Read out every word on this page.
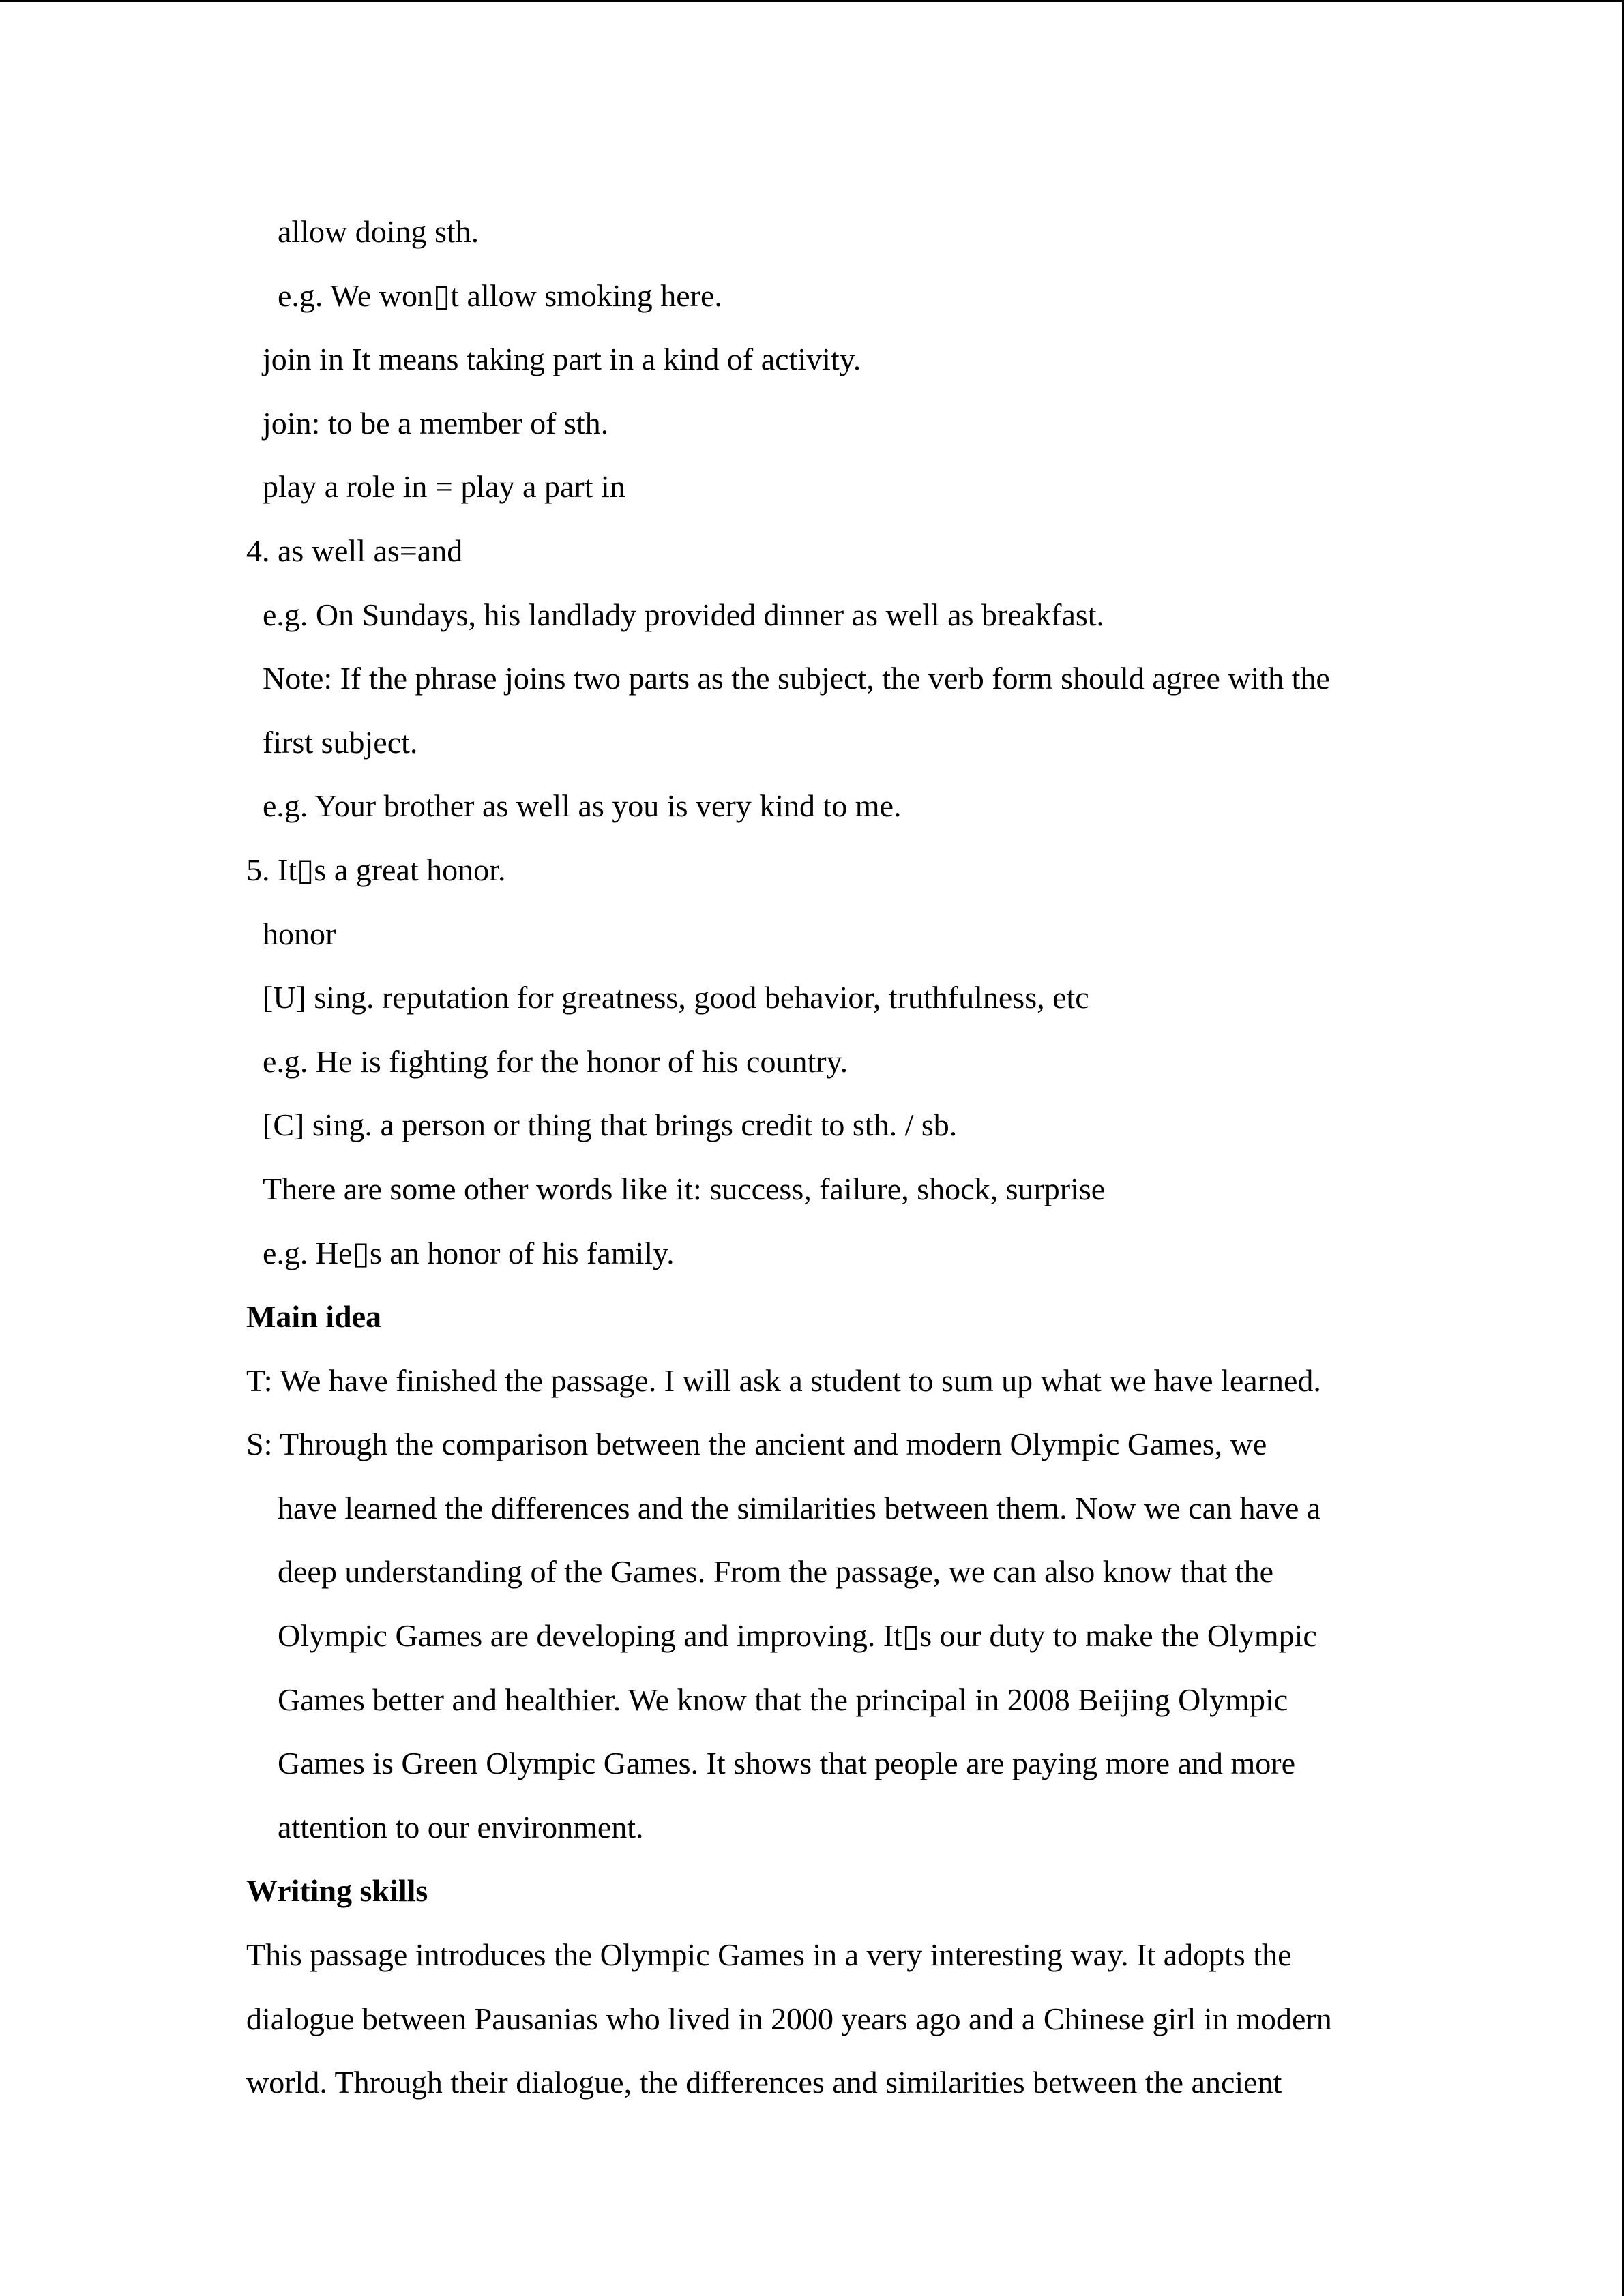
allow doing sth.
e.g. We won▯t allow smoking here.
join in It means taking part in a kind of activity.
join: to be a member of sth.
play a role in = play a part in
4. as well as=and
e.g. On Sundays, his landlady provided dinner as well as breakfast.
Note: If the phrase joins two parts as the subject, the verb form should agree with the
first subject.
e.g. Your brother as well as you is very kind to me.
5. It▯s a great honor.
honor
[U] sing. reputation for greatness, good behavior, truthfulness, etc
e.g. He is fighting for the honor of his country.
[C] sing. a person or thing that brings credit to sth. / sb.
There are some other words like it: success, failure, shock, surprise
e.g. He▯s an honor of his family.
Main idea
T: We have finished the passage. I will ask a student to sum up what we have learned.
S: Through the comparison between the ancient and modern Olympic Games, we
have learned the differences and the similarities between them. Now we can have a
deep understanding of the Games. From the passage, we can also know that the
Olympic Games are developing and improving. It▯s our duty to make the Olympic
Games better and healthier. We know that the principal in 2008 Beijing Olympic
Games is Green Olympic Games. It shows that people are paying more and more
attention to our environment.
Writing skills
This passage introduces the Olympic Games in a very interesting way. It adopts the
dialogue between Pausanias who lived in 2000 years ago and a Chinese girl in modern
world. Through their dialogue, the differences and similarities between the ancient
